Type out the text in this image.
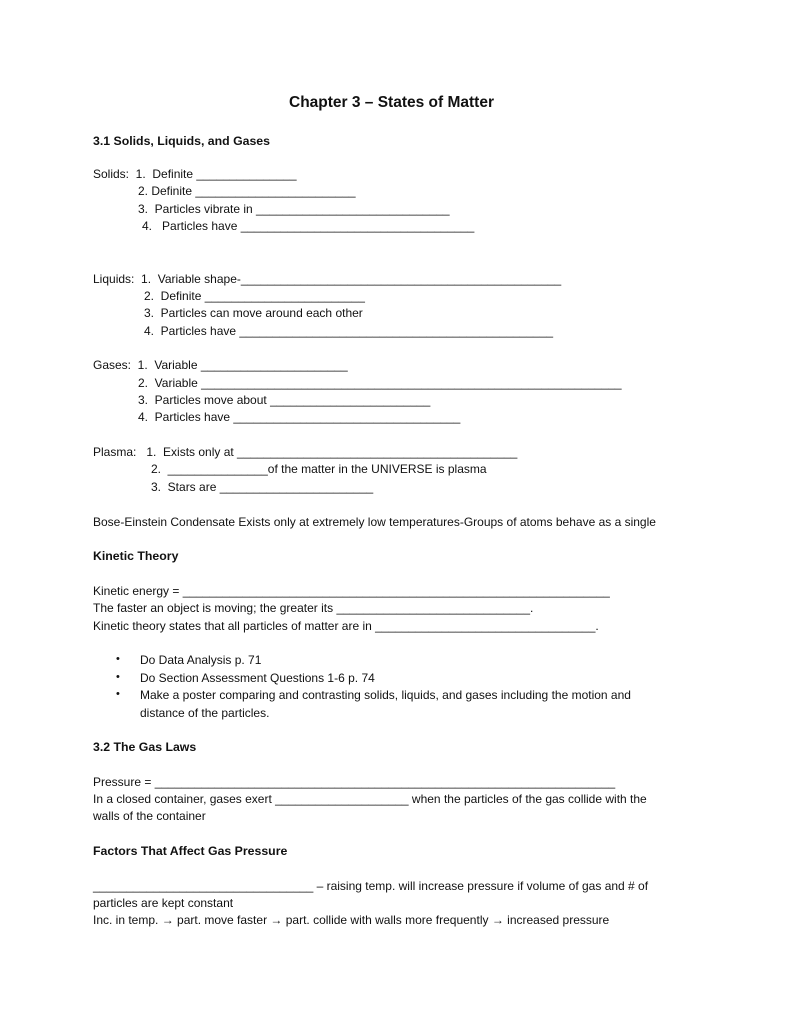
Chapter 3 – States of Matter
3.1 Solids, Liquids, and Gases
Solids:  1.  Definite _______________
2. Definite ________________________
3.  Particles vibrate in _____________________________
4.   Particles have ___________________________________
Liquids:  1.  Variable shape-________________________________________________
2.  Definite ________________________
3.  Particles can move around each other
4.  Particles have _______________________________________________
Gases:  1.  Variable ______________________
2.  Variable _______________________________________________________________
3.  Particles move about ________________________
4.  Particles have __________________________________
Plasma:   1.  Exists only at __________________________________________
2.  _______________of the matter in the UNIVERSE is plasma
3.  Stars are _______________________
Bose-Einstein Condensate Exists only at extremely low temperatures-Groups of atoms behave as a single
Kinetic Theory
Kinetic energy = ________________________________________________________________
The faster an object is moving; the greater its _____________________________.
Kinetic theory states that all particles of matter are in _________________________________.
• Do Data Analysis p. 71
• Do Section Assessment Questions 1-6 p. 74
• Make a poster comparing and contrasting solids, liquids, and gases including the motion and
distance of the particles.
3.2 The Gas Laws
Pressure = _____________________________________________________________________
In a closed container, gases exert ____________________ when the particles of the gas collide with the
walls of the container
Factors That Affect Gas Pressure
_________________________________ – raising temp. will increase pressure if volume of gas and # of
particles are kept constant
Inc. in temp. → part. move faster → part. collide with walls more frequently → increased pressure
